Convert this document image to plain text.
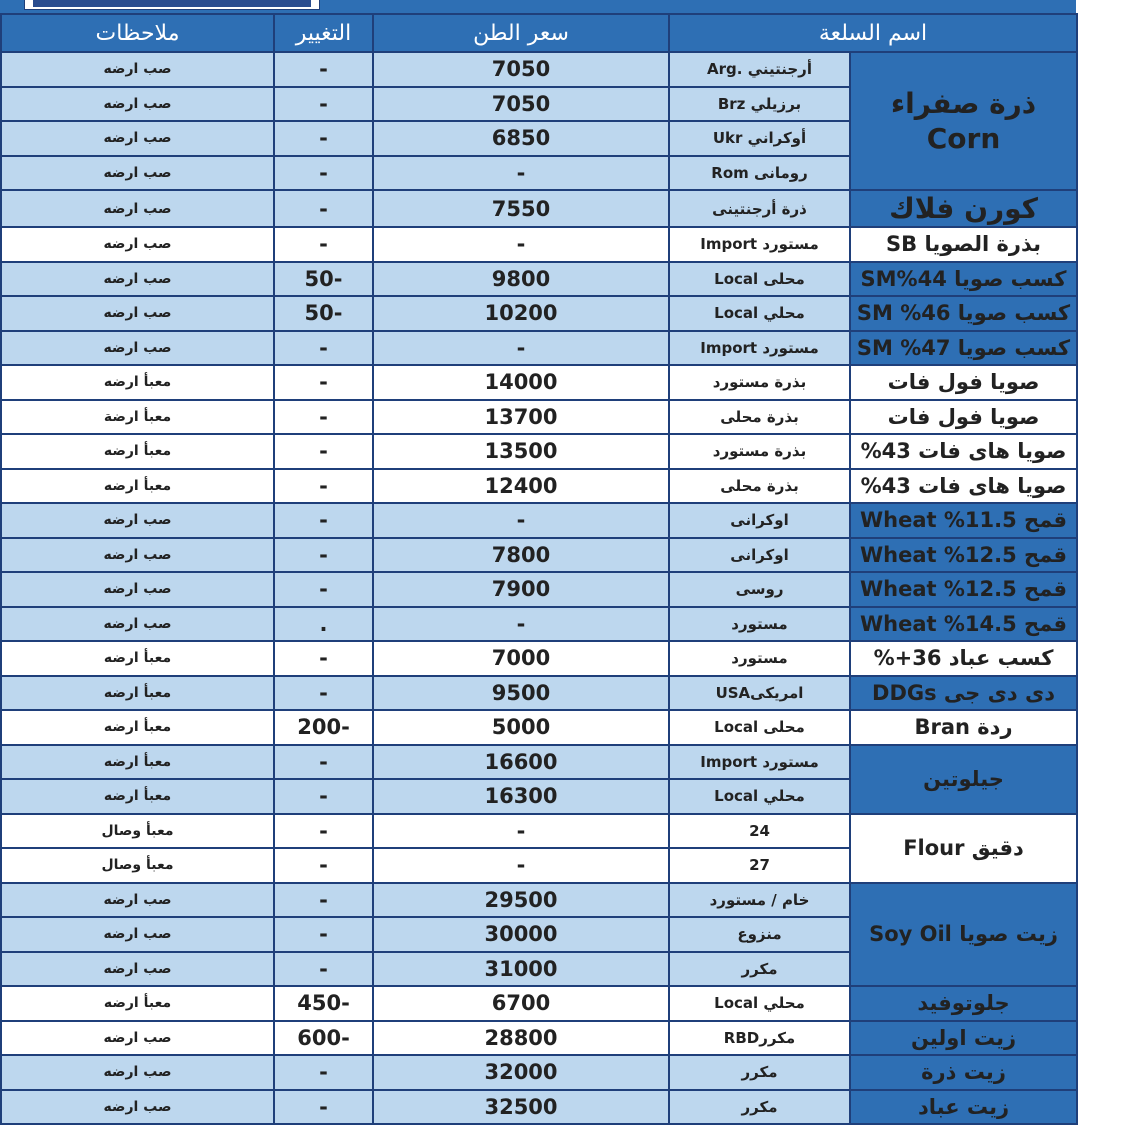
اسم السلعة		سعر الطن	التغيير	ملاحظات
ذرة صفراء Corn	أرجنتيني .Arg	7050	-	صب ارضه
	برزيلي Brz	7050	-	صب ارضه
	أوكراني Ukr	6850	-	صب ارضه
	رومانى Rom	-	-	صب ارضه
كورن فلاك	ذرة أرجنتينى	7550	-	صب ارضه
بذرة الصويا SB	مستورد Import	-	-	صب ارضه
كسب صويا 44%SM	محلى Local	9800	-50	صب ارضه
كسب صويا 46% SM	محلي Local	10200	-50	صب ارضه
كسب صويا 47% SM	مستورد Import	-	-	صب ارضه
صويا فول فات	بذرة مستورد	14000	-	معبأ ارضه
صويا فول فات	بذرة محلى	13700	-	معبأ ارضة
صويا هاى فات 43%	بذرة مستورد	13500	-	معبأ ارضه
صويا هاى فات 43%	بذرة محلى	12400	-	معبأ ارضه
قمح 11.5% Wheat	اوكرانى	-	-	صب ارضه
قمح 12.5% Wheat	اوكرانى	7800	-	صب ارضه
قمح 12.5% Wheat	روسى	7900	-	صب ارضه
قمح 14.5% Wheat	مستورد	-	.	صب ارضه
كسب عباد 36+%	مستورد	7000	-	معبأ ارضه
دى دى جى DDGs	امريكىUSA	9500	-	معبأ ارضه
ردة Bran	محلى Local	5000	-200	معبأ ارضه
جيلوتين	مستورد Import	16600	-	معبأ ارضه
	محلي Local	16300	-	معبأ ارضه
دقيق Flour	24	-	-	معبأ وصال
	27	-	-	معبأ وصال
زيت صويا Soy Oil	خام / مستورد	29500	-	صب ارضه
	منزوع	30000	-	صب ارضه
	مكرر	31000	-	صب ارضه
جلوتوفيد	محلي Local	6700	-450	معبأ ارضه
زيت اولين	مكررRBD	28800	-600	صب ارضه
زيت ذرة	مكرر	32000	-	صب ارضه
زيت عباد	مكرر	32500	-	صب ارضه
